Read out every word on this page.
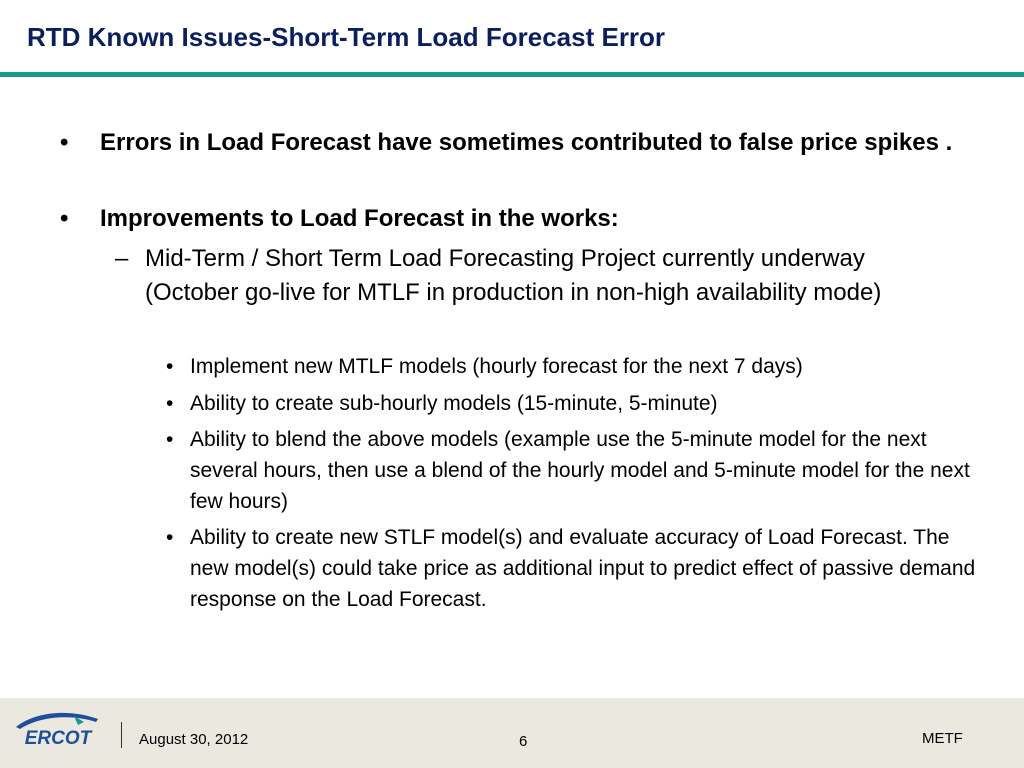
RTD Known Issues-Short-Term Load Forecast Error
• Errors in Load Forecast have sometimes contributed to false price spikes .
• Improvements to Load Forecast in the works:
– Mid-Term / Short Term Load Forecasting Project currently underway (October go-live for MTLF in production in non-high availability mode)
• Implement new MTLF models (hourly forecast for the next 7 days)
• Ability to create sub-hourly models (15-minute, 5-minute)
• Ability to blend the above models (example use the 5-minute model for the next several hours, then use a blend of the hourly model and 5-minute model for the next few hours)
• Ability to create new STLF model(s) and evaluate accuracy of Load Forecast. The new model(s) could take price as additional input to predict effect of passive demand response on the Load Forecast.
ERCOT	August 30, 2012	6	METF
